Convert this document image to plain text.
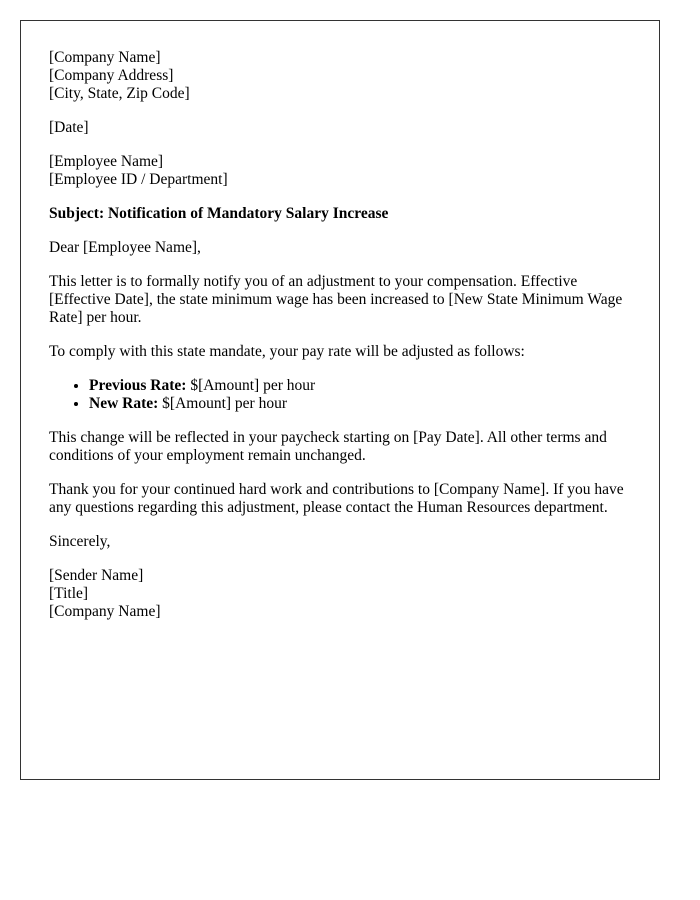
[Company Name]
[Company Address]
[City, State, Zip Code]
[Date]
[Employee Name]
[Employee ID / Department]

Subject: Notification of Mandatory Salary Increase

Dear [Employee Name],

This letter is to formally notify you of an adjustment to your compensation. Effective [Effective Date], the state minimum wage has been increased to [New State Minimum Wage Rate] per hour.

To comply with this state mandate, your pay rate will be adjusted as follows:

• Previous Rate: $[Amount] per hour
• New Rate: $[Amount] per hour

This change will be reflected in your paycheck starting on [Pay Date]. All other terms and conditions of your employment remain unchanged.

Thank you for your continued hard work and contributions to [Company Name]. If you have any questions regarding this adjustment, please contact the Human Resources department.

Sincerely,

[Sender Name]
[Title]
[Company Name]
